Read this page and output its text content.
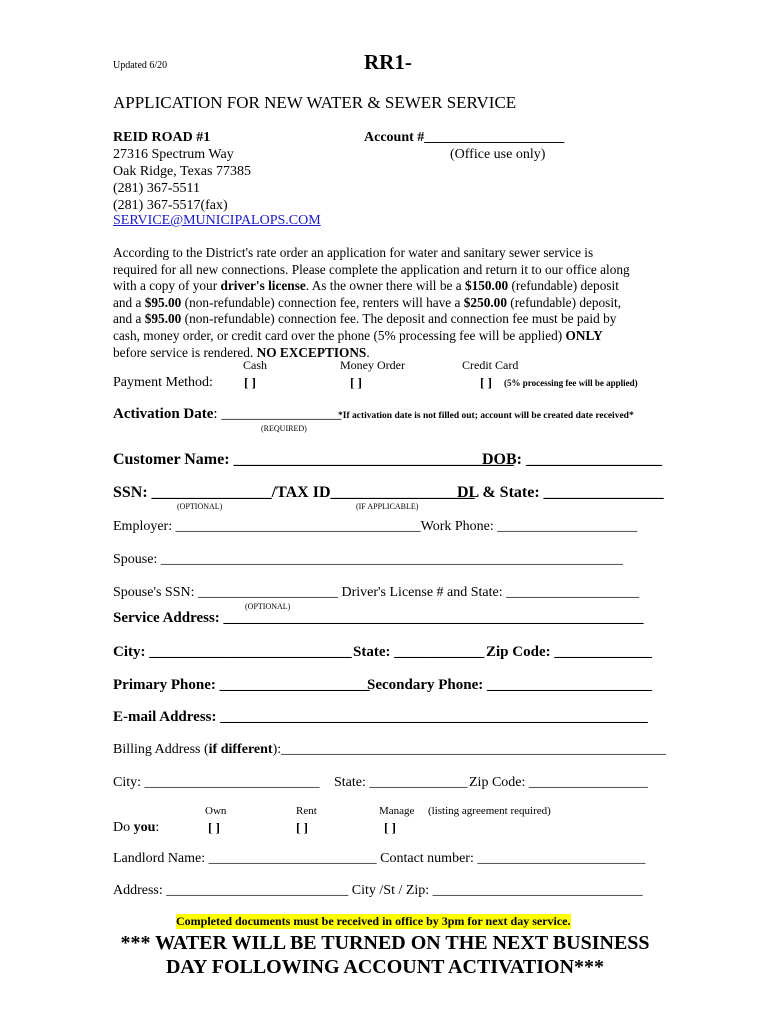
Updated 6/20	RR1-
APPLICATION FOR NEW WATER & SEWER SERVICE
REID ROAD #1
27316 Spectrum Way
Oak Ridge, Texas 77385
(281) 367-5511
(281) 367-5517(fax)
SERVICE@MUNICIPALOPS.COM
Account #____________________
(Office use only)

According to the District's rate order an application for water and sanitary sewer service is

required for all new connections. Please complete the application and return it to our office along

with a copy of your driver's license. As the owner there will be a $150.00 (refundable) deposit

and a $95.00 (non-refundable) connection fee, renters will have a $250.00 (refundable) deposit,

and a $95.00 (non-refundable) connection fee. The deposit and connection fee must be paid by

cash, money order, or credit card over the phone (5% processing fee will be applied) ONLY

before service is rendered. NO EXCEPTIONS.

Cash	Money Order	Credit Card
Payment Method: [ ]	[ ]	[ ] (5% processing fee will be applied)
Activation Date: ________________
(REQUIRED)
*If activation date is not filled out; account will be created date received*
Customer Name: ___________________________________
DOB: _________________
SSN: _______________/TAX ID__________________
DL & State: _______________
(OPTIONAL)	(IF APPLICABLE)
Employer: ___________________________________Work Phone: ____________________
Spouse: __________________________________________________________________
Spouse's SSN: ____________________ Driver's License # and State: ___________________
(OPTIONAL)
Service Address: ________________________________________________________
City: ___________________________ State: ____________ Zip Code: _____________
Primary Phone: ____________________
Secondary Phone: ______________________
E-mail Address: _________________________________________________________
Billing Address (if different):_______________________________________________________
City: _________________________ State: ______________ Zip Code: _________________
Own	Rent	Manage (listing agreement required)
Do you:	[ ]	[ ]	[ ]
Landlord Name: ________________________ Contact number: ________________________
Address: __________________________ City /St / Zip: ______________________________
Completed documents must be received in office by 3pm for next day service.
*** WATER WILL BE TURNED ON THE NEXT BUSINESS
DAY FOLLOWING ACCOUNT ACTIVATION***
